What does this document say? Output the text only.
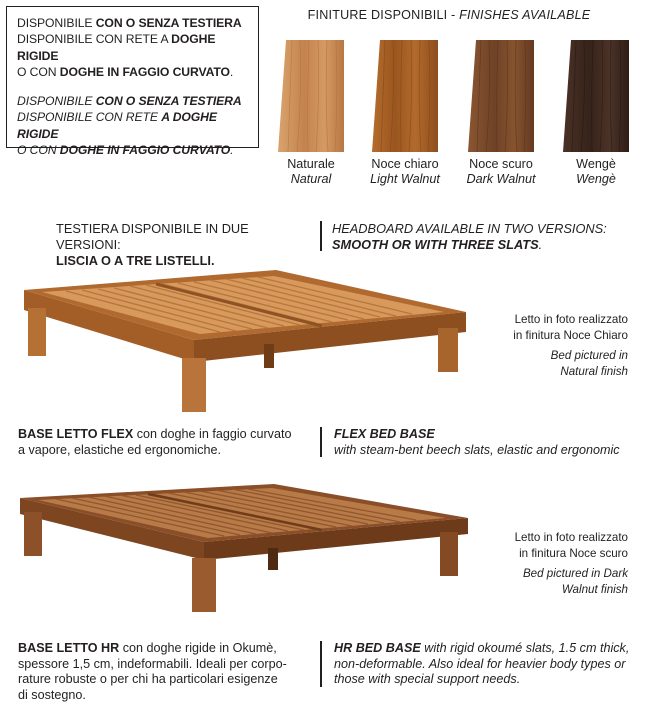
DISPONIBILE CON O SENZA TESTIERA

DISPONIBILE CON RETE A DOGHE RIGIDE

O CON DOGHE IN FAGGIO CURVATO.

DISPONIBILE CON O SENZA TESTIERA

DISPONIBILE CON RETE A DOGHE RIGIDE

O CON DOGHE IN FAGGIO CURVATO.

FINITURE DISPONIBILI - FINISHES AVAILABLE
Naturale
Natural
Noce chiaro
Light Walnut
Noce scuro
Dark Walnut
Wengè
Wengè
TESTIERA DISPONIBILE IN DUE VERSIONI:
LISCIA O A TRE LISTELLI.
HEADBOARD AVAILABLE IN TWO VERSIONS:
SMOOTH OR WITH THREE SLATS.
Letto in foto realizzato
in finitura Noce Chiaro
Bed pictured in
Natural finish
BASE LETTO FLEX con doghe in faggio curvato
a vapore, elastiche ed ergonomiche.
FLEX BED BASE
with steam-bent beech slats, elastic and ergonomic
Letto in foto realizzato
in finitura Noce scuro
Bed pictured in Dark
Walnut finish
BASE LETTO HR con doghe rigide in Okumè,
spessore 1,5 cm, indeformabili. Ideali per corpo-
rature robuste o per chi ha particolari esigenze
di sostegno.
HR BED BASE with rigid okoumé slats, 1.5 cm thick,
non-deformable. Also ideal for heavier body types or
those with special support needs.
